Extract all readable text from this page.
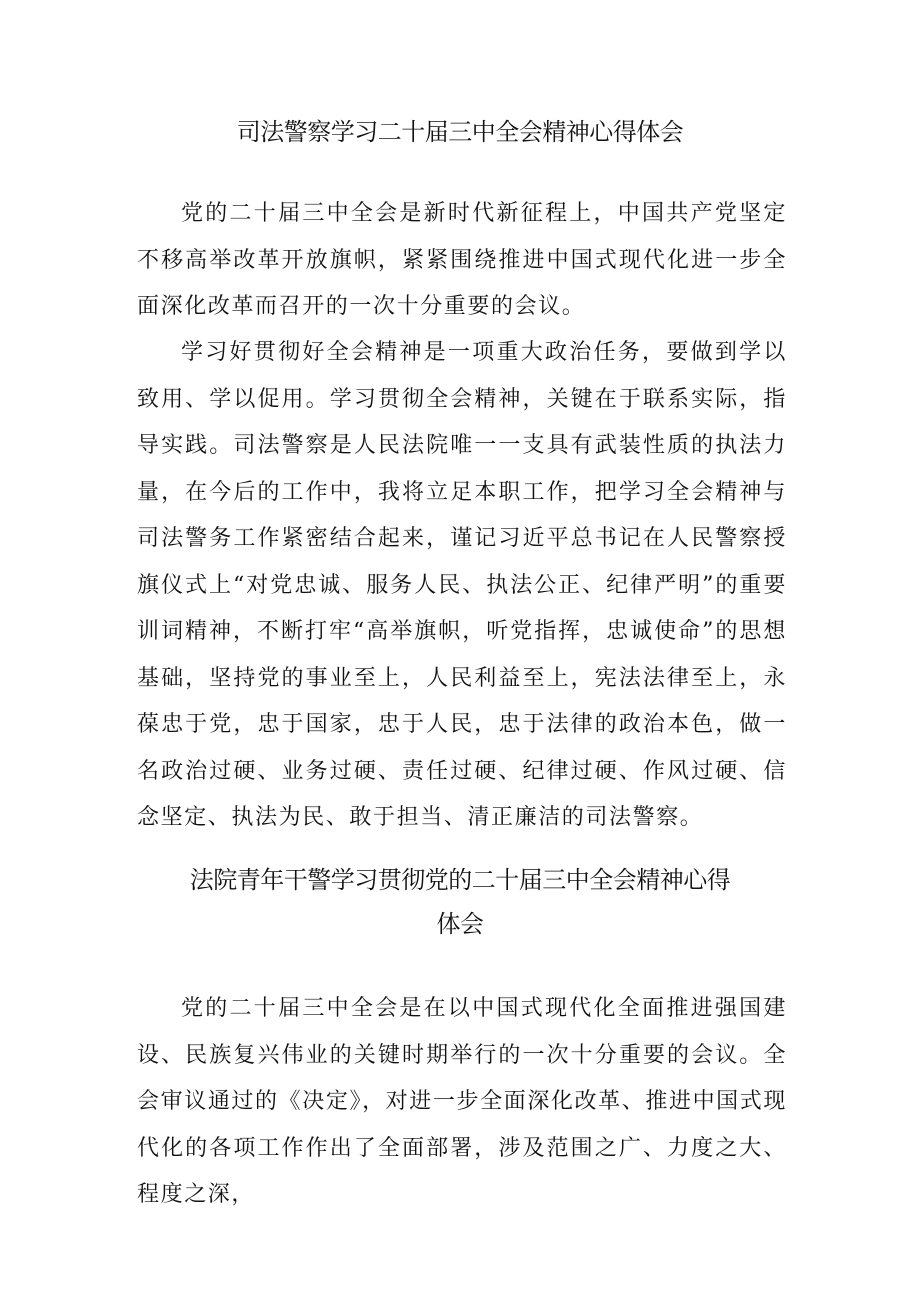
司法警察学习二十届三中全会精神心得体会

党的二十届三中全会是新时代新征程上，中国共产党坚定不移高举改革开放旗帜，紧紧围绕推进中国式现代化进一步全面深化改革而召开的一次十分重要的会议。

学习好贯彻好全会精神是一项重大政治任务，要做到学以致用、学以促用。学习贯彻全会精神，关键在于联系实际，指导实践。司法警察是人民法院唯一一支具有武装性质的执法力量，在今后的工作中，我将立足本职工作，把学习全会精神与司法警务工作紧密结合起来，谨记习近平总书记在人民警察授旗仪式上“对党忠诚、服务人民、执法公正、纪律严明”的重要训词精神，不断打牢“高举旗帜，听党指挥，忠诚使命”的思想基础，坚持党的事业至上，人民利益至上，宪法法律至上，永葆忠于党，忠于国家，忠于人民，忠于法律的政治本色，做一名政治过硬、业务过硬、责任过硬、纪律过硬、作风过硬、信念坚定、执法为民、敢于担当、清正廉洁的司法警察。

法院青年干警学习贯彻党的二十届三中全会精神心得
体会

党的二十届三中全会是在以中国式现代化全面推进强国建设、民族复兴伟业的关键时期举行的一次十分重要的会议。全会审议通过的《决定》，对进一步全面深化改革、推进中国式现代化的各项工作作出了全面部署，涉及范围之广、力度之大、程度之深，
